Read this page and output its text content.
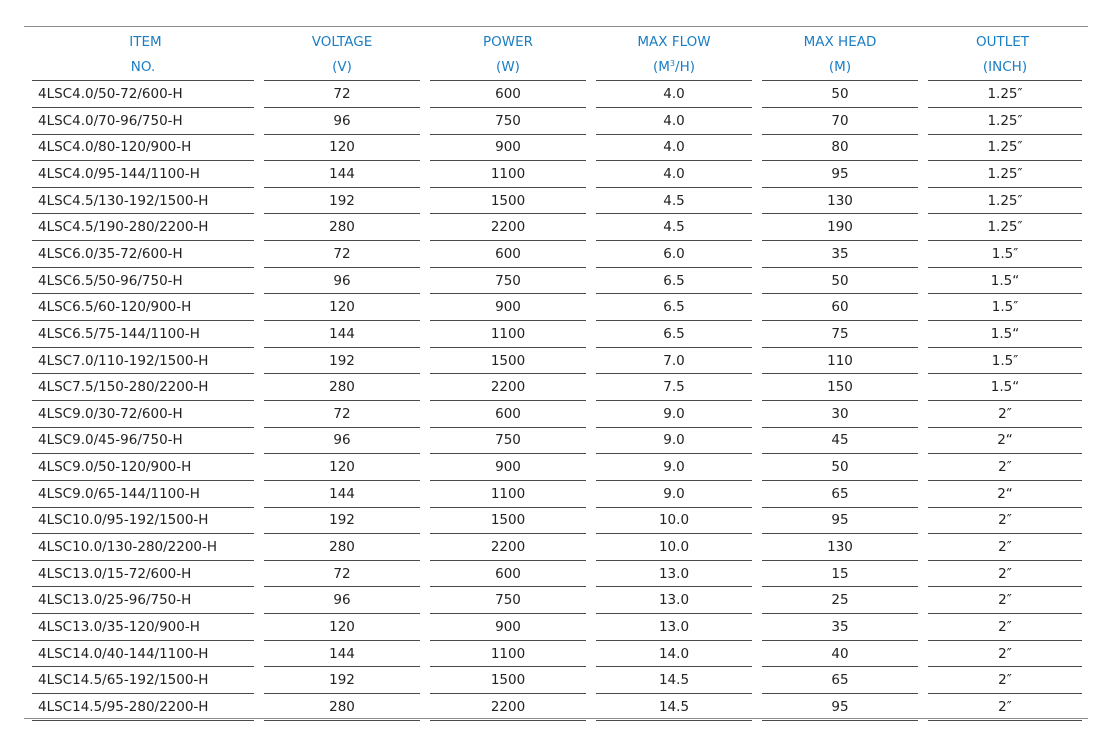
ITEM	VOLTAGE	POWER	MAX FLOW	MAX HEAD	OUTLET
NO.	(V)	(W)	$(M^3/H)$	(M)	(INCH)
4LSC4.0/50-72/600-H	72	600	4.0	50	1.25″
4LSC4.0/70-96/750-H	96	750	4.0	70	1.25″
4LSC4.0/80-120/900-H	120	900	4.0	80	1.25″
4LSC4.0/95-144/1100-H	144	1100	4.0	95	1.25″
4LSC4.5/130-192/1500-H	192	1500	4.5	130	1.25″
4LSC4.5/190-280/2200-H	280	2200	4.5	190	1.25″
4LSC6.0/35-72/600-H	72	600	6.0	35	1.5″
4LSC6.5/50-96/750-H	96	750	6.5	50	1.5“
4LSC6.5/60-120/900-H	120	900	6.5	60	1.5″
4LSC6.5/75-144/1100-H	144	1100	6.5	75	1.5“
4LSC7.0/110-192/1500-H	192	1500	7.0	110	1.5″
4LSC7.5/150-280/2200-H	280	2200	7.5	150	1.5“
4LSC9.0/30-72/600-H	72	600	9.0	30	2″
4LSC9.0/45-96/750-H	96	750	9.0	45	2“
4LSC9.0/50-120/900-H	120	900	9.0	50	2″
4LSC9.0/65-144/1100-H	144	1100	9.0	65	2“
4LSC10.0/95-192/1500-H	192	1500	10.0	95	2″
4LSC10.0/130-280/2200-H	280	2200	10.0	130	2″
4LSC13.0/15-72/600-H	72	600	13.0	15	2″
4LSC13.0/25-96/750-H	96	750	13.0	25	2″
4LSC13.0/35-120/900-H	120	900	13.0	35	2″
4LSC14.0/40-144/1100-H	144	1100	14.0	40	2″
4LSC14.5/65-192/1500-H	192	1500	14.5	65	2″
4LSC14.5/95-280/2200-H	280	2200	14.5	95	2″
